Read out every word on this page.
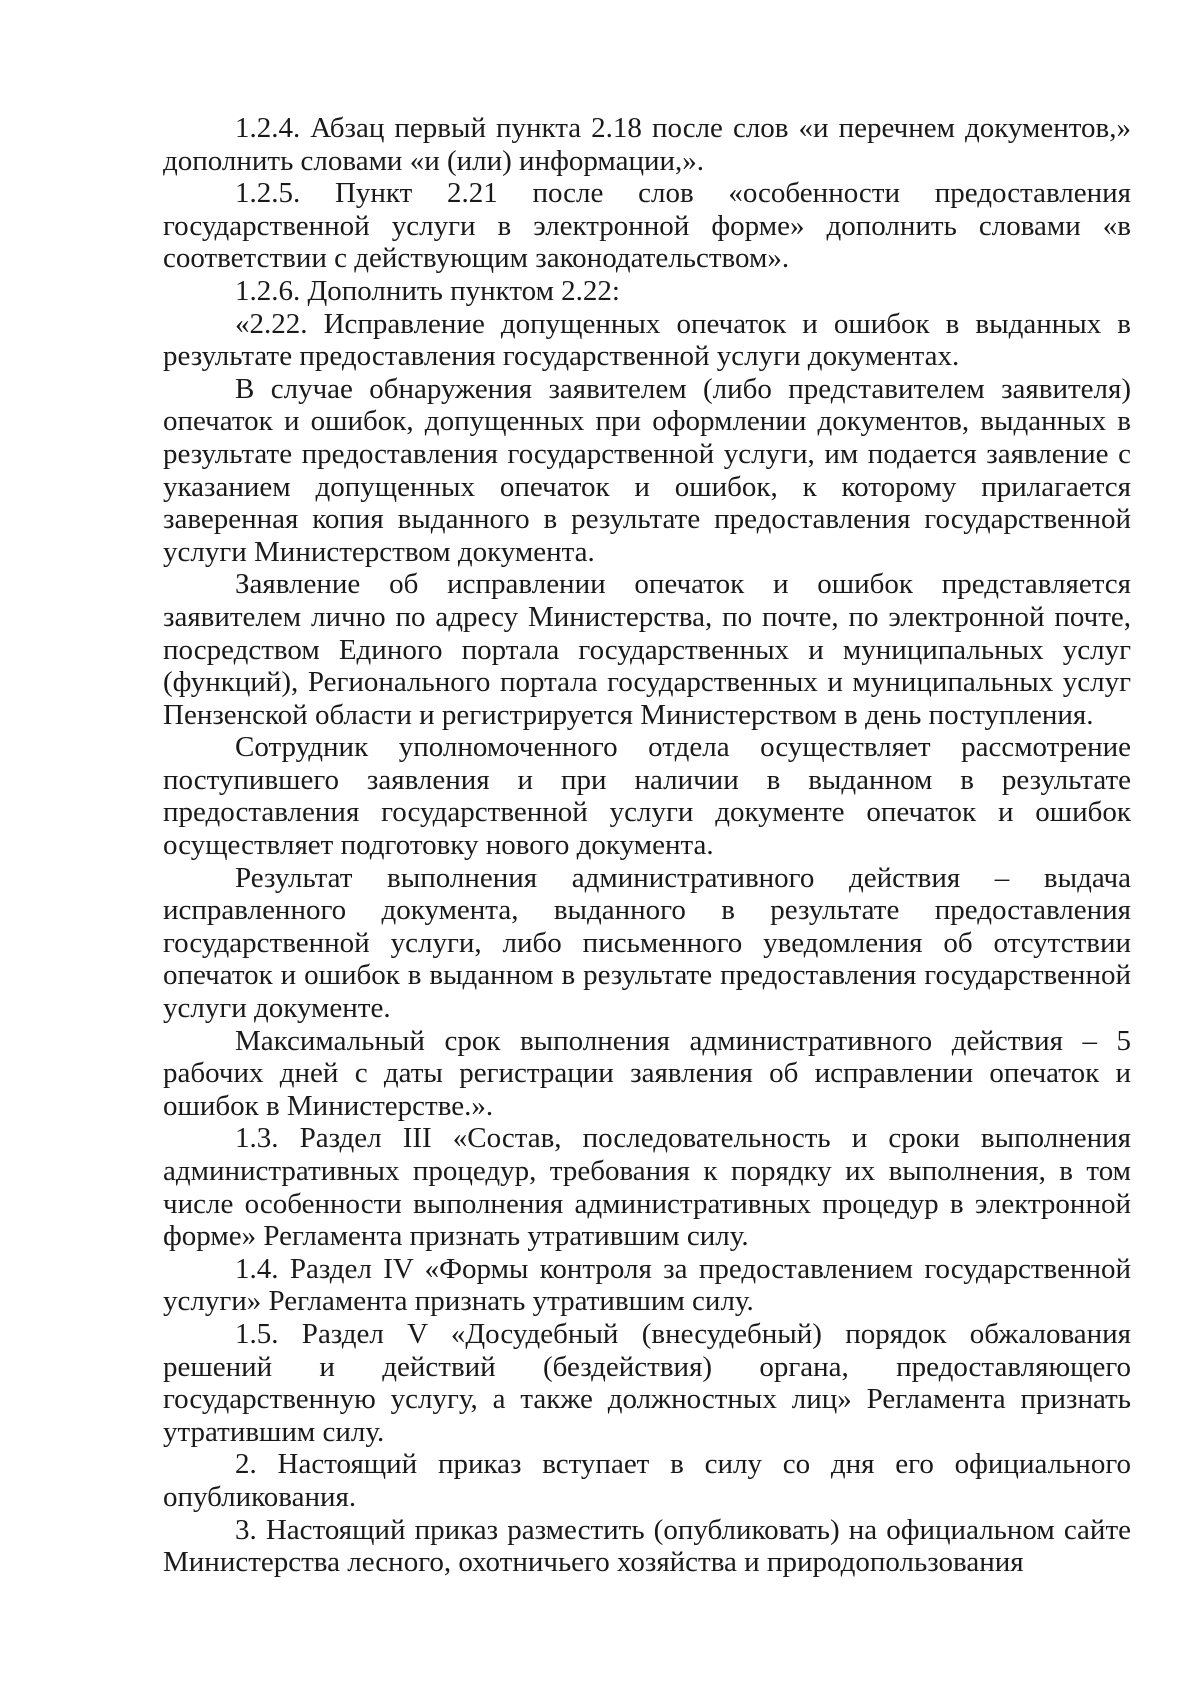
1.2.4. Абзац первый пункта 2.18 после слов «и перечнем документов,» дополнить словами «и (или) информации,».

1.2.5. Пункт 2.21 после слов «особенности предоставления государственной услуги в электронной форме» дополнить словами «в соответствии с действующим законодательством».

1.2.6. Дополнить пунктом 2.22:

«2.22. Исправление допущенных опечаток и ошибок в выданных в результате предоставления государственной услуги документах.

В случае обнаружения заявителем (либо представителем заявителя) опечаток и ошибок, допущенных при оформлении документов, выданных в результате предоставления государственной услуги, им подается заявление с указанием допущенных опечаток и ошибок, к которому прилагается заверенная копия выданного в результате предоставления государственной услуги Министерством документа.

Заявление об исправлении опечаток и ошибок представляется заявителем лично по адресу Министерства, по почте, по электронной почте, посредством Единого портала государственных и муниципальных услуг (функций), Регионального портала государственных и муниципальных услуг Пензенской области и регистрируется Министерством в день поступления.

Сотрудник уполномоченного отдела осуществляет рассмотрение поступившего заявления и при наличии в выданном в результате предоставления государственной услуги документе опечаток и ошибок осуществляет подготовку нового документа.

Результат выполнения административного действия – выдача исправленного документа, выданного в результате предоставления государственной услуги, либо письменного уведомления об отсутствии опечаток и ошибок в выданном в результате предоставления государственной услуги документе.

Максимальный срок выполнения административного действия – 5 рабочих дней с даты регистрации заявления об исправлении опечаток и ошибок в Министерстве.».

1.3. Раздел III «Состав, последовательность и сроки выполнения административных процедур, требования к порядку их выполнения, в том числе особенности выполнения административных процедур в электронной форме» Регламента признать утратившим силу.

1.4. Раздел IV «Формы контроля за предоставлением государственной услуги» Регламента признать утратившим силу.

1.5. Раздел V «Досудебный (внесудебный) порядок обжалования решений и действий (бездействия) органа, предоставляющего государственную услугу, а также должностных лиц» Регламента признать утратившим силу.

2. Настоящий приказ вступает в силу со дня его официального опубликования.

3. Настоящий приказ разместить (опубликовать) на официальном сайте Министерства лесного, охотничьего хозяйства и природопользования
